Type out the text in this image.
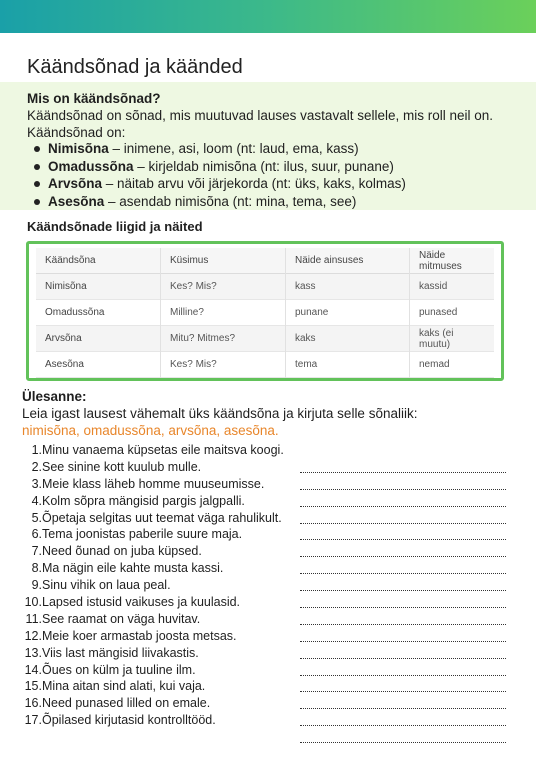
Käändsõnad ja käänded
Mis on käändsõnad?
Käändsõnad on sõnad, mis muutuvad lauses vastavalt sellele, mis roll neil on. Käändsõnad on:
Nimisõna – inimene, asi, loom (nt: laud, ema, kass)
Omadussõna – kirjeldab nimisõna (nt: ilus, suur, punane)
Arvsõna – näitab arvu või järjekorda (nt: üks, kaks, kolmas)
Asesõna – asendab nimisõna (nt: mina, tema, see)
Käändsõnade liigid ja näited
Käändsõna	Küsimus	Näide ainsuses	Näide mitmuses
Nimisõna	Kes? Mis?	kass	kassid
Omadussõna	Milline?	punane	punased
Arvsõna	Mitu? Mitmes?	kaks	kaks (ei muutu)
Asesõna	Kes? Mis?	tema	nemad
Ülesanne:
Leia igast lausest vähemalt üks käändsõna ja kirjuta selle sõnaliik:
nimisõna, omadussõna, arvsõna, asesõna.
1.Minu vanaema küpsetas eile maitsva koogi.
2.See sinine kott kuulub mulle.
3.Meie klass läheb homme muuseumisse.
4.Kolm sõpra mängisid pargis jalgpalli.
5.Õpetaja selgitas uut teemat väga rahulikult.
6.Tema joonistas paberile suure maja.
7.Need õunad on juba küpsed.
8.Ma nägin eile kahte musta kassi.
9.Sinu vihik on laua peal.
10.Lapsed istusid vaikuses ja kuulasid.
11.See raamat on väga huvitav.
12.Meie koer armastab joosta metsas.
13.Viis last mängisid liivakastis.
14.Õues on külm ja tuuline ilm.
15.Mina aitan sind alati, kui vaja.
16.Need punased lilled on emale.
17.Õpilased kirjutasid kontrolltööd.
